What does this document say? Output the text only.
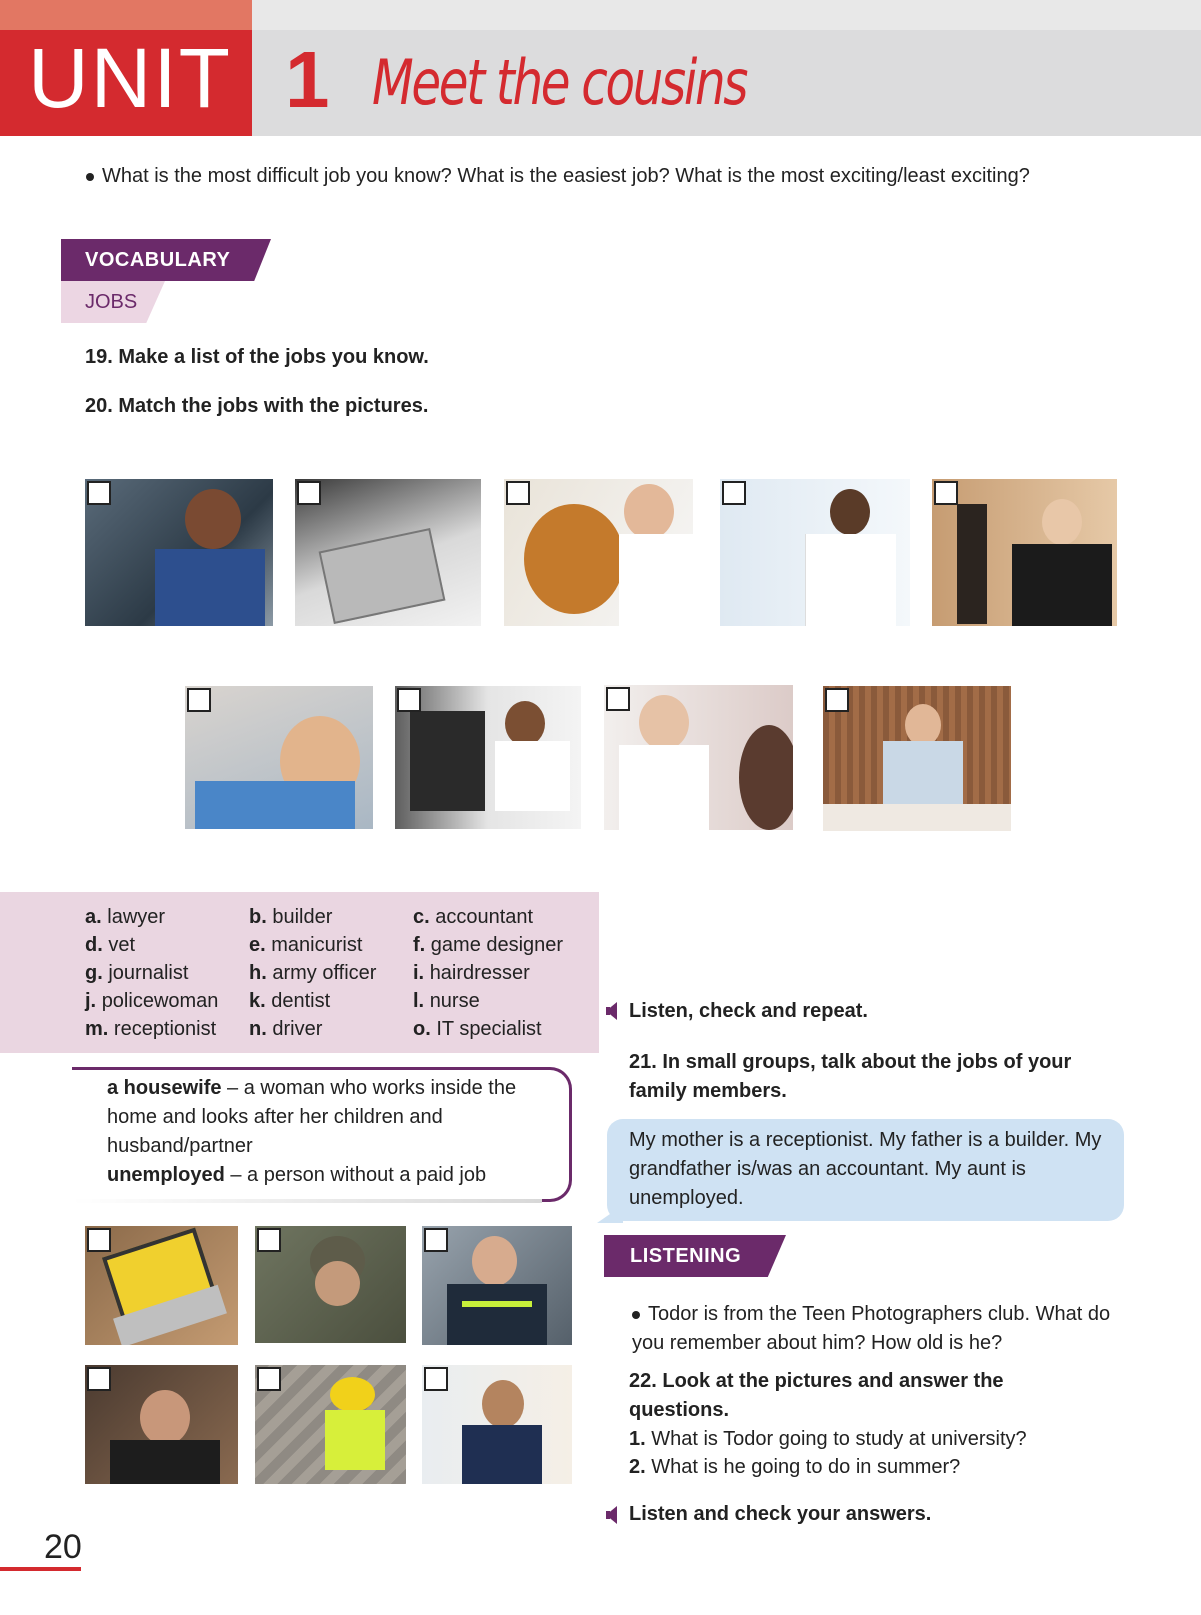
UNIT 1 Meet the cousins
What is the most difficult job you know? What is the easiest job? What is the most exciting/least exciting?
VOCABULARY
JOBS
19. Make a list of the jobs you know.
20. Match the jobs with the pictures.
a. lawyer	b. builder	c. accountant
d. vet	e. manicurist	f. game designer
g. journalist	h. army officer i. hairdresser
j. policewoman k. dentist	l. nurse
m. receptionist n. driver	o. IT specialist
a housewife – a woman who works inside the home and looks after her children and husband/partner
unemployed – a person without a paid job
Listen, check and repeat.
21. In small groups, talk about the jobs of your family members.
My mother is a receptionist. My father is a builder. My grandfather is/was an accountant. My aunt is unemployed.
LISTENING
Todor is from the Teen Photographers club. What do you remember about him? How old is he?
22. Look at the pictures and answer the questions.
1. What is Todor going to study at university?
2. What is he going to do in summer?
Listen and check your answers.
20
